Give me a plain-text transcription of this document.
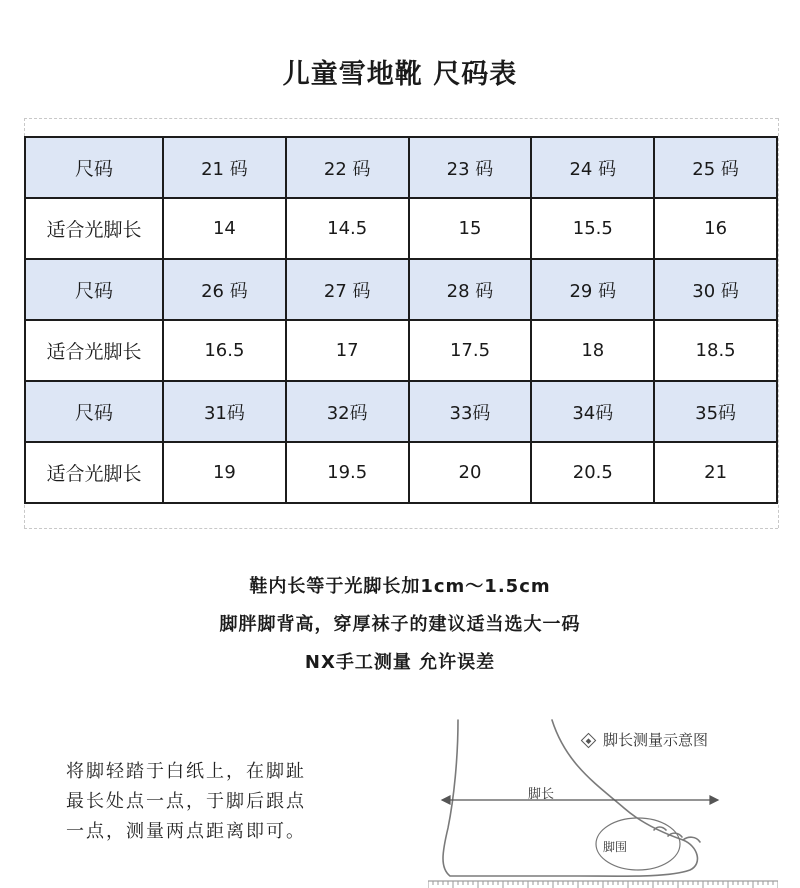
儿童雪地靴 尺码表
尺码	21 码	22 码	23 码	24 码	25 码
适合光脚长	14	14.5	15	15.5	16
尺码	26 码	27 码	28 码	29 码	30 码
适合光脚长	16.5	17	17.5	18	18.5
尺码	31码	32码	33码	34码	35码
适合光脚长	19	19.5	20	20.5	21
鞋内长等于光脚长加1cm～1.5cm
脚胖脚背高，穿厚袜子的建议适当选大一码
NX手工测量 允许误差
将脚轻踏于白纸上，在脚趾
最长处点一点，于脚后跟点
一点，测量两点距离即可。
脚长测量示意图
脚长
脚围
